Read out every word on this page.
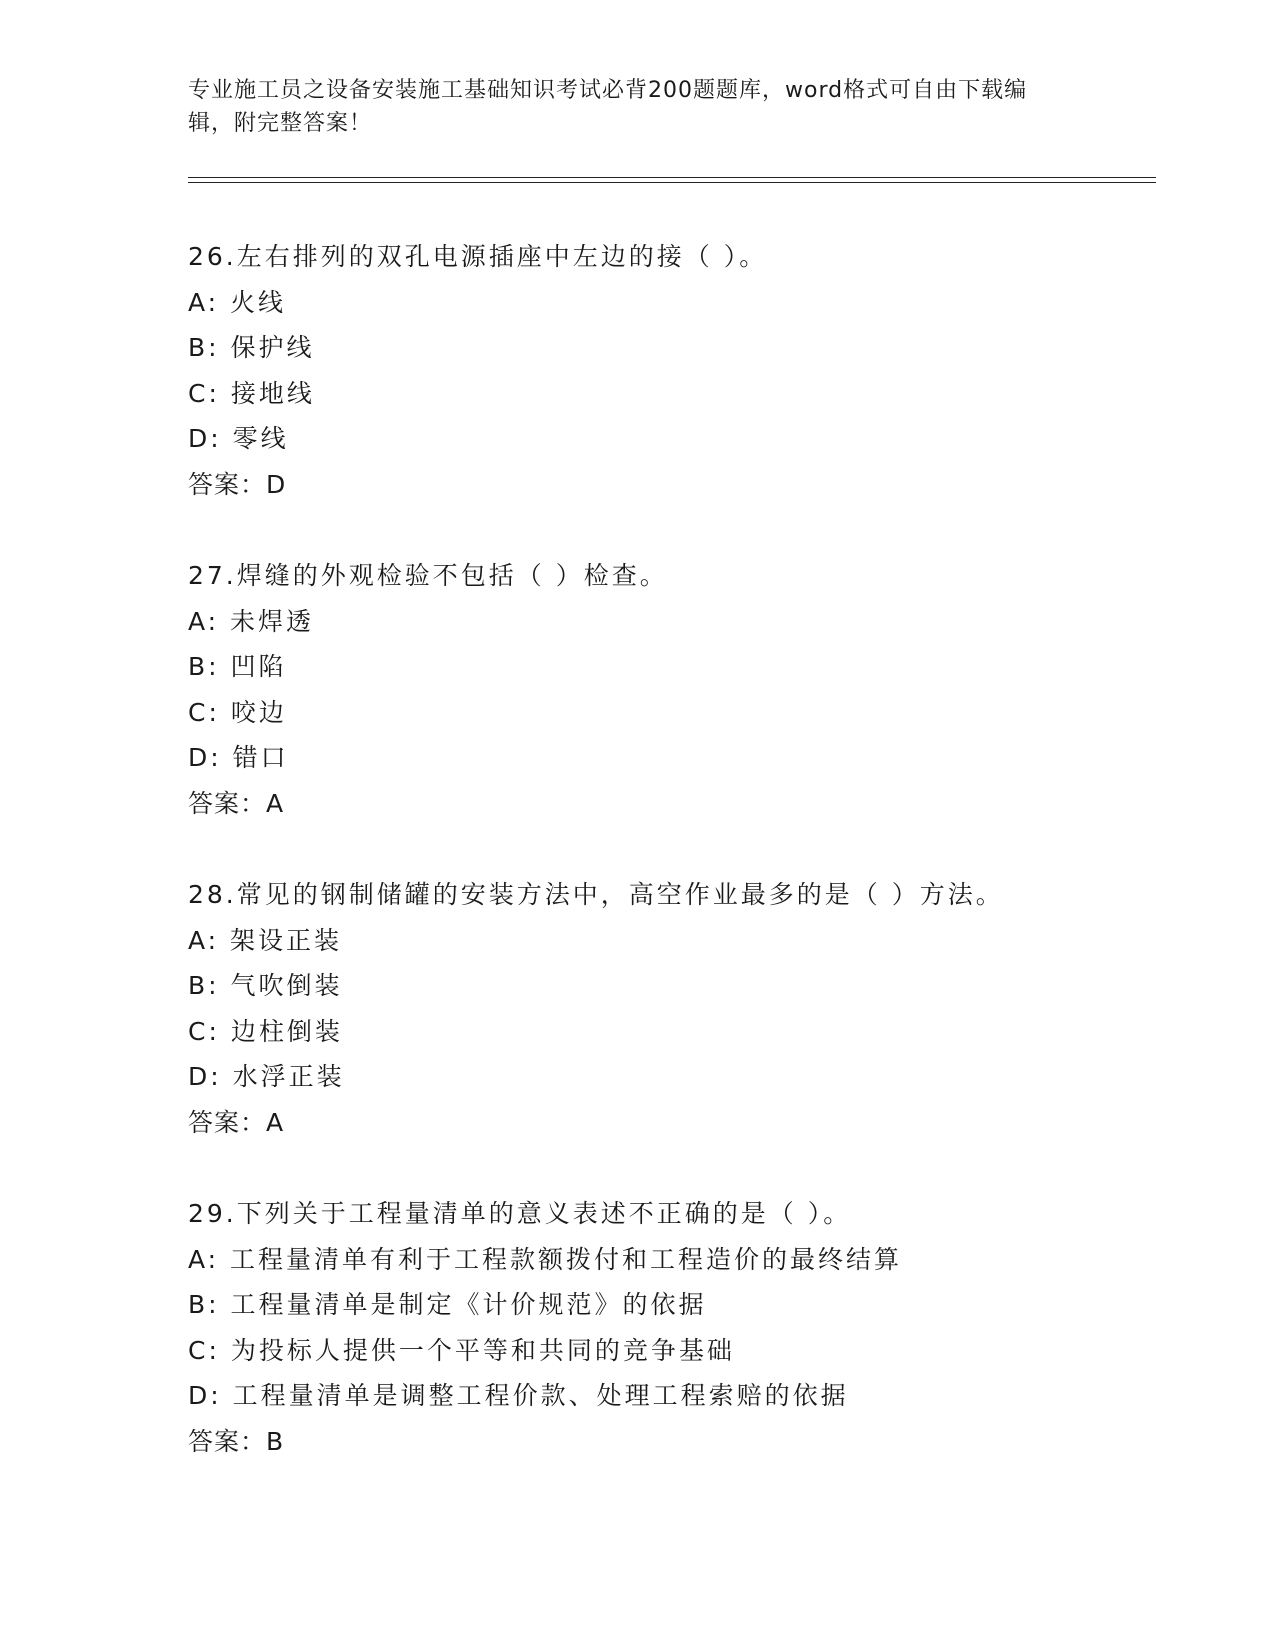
专业施工员之设备安装施工基础知识考试必背200题题库，word格式可自由下载编辑，附完整答案！
26.左右排列的双孔电源插座中左边的接（ ）。
A: 火线
B: 保护线
C: 接地线
D: 零线
答案：D
27.焊缝的外观检验不包括（ ）检查。
A: 未焊透
B: 凹陷
C: 咬边
D: 错口
答案：A
28.常见的钢制储罐的安装方法中，高空作业最多的是（ ）方法。
A: 架设正装
B: 气吹倒装
C: 边柱倒装
D: 水浮正装
答案：A
29.下列关于工程量清单的意义表述不正确的是（ ）。
A: 工程量清单有利于工程款额拨付和工程造价的最终结算
B: 工程量清单是制定《计价规范》的依据
C: 为投标人提供一个平等和共同的竞争基础
D: 工程量清单是调整工程价款、处理工程索赔的依据
答案：B
